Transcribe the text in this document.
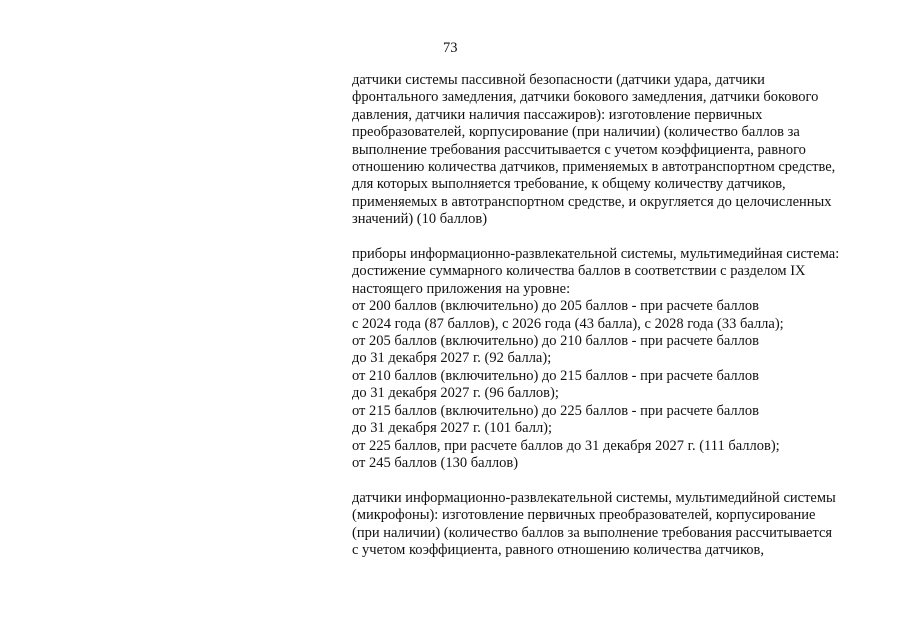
73

датчики системы пассивной безопасности (датчики удара, датчики
фронтального замедления, датчики бокового замедления, датчики бокового
давления, датчики наличия пассажиров): изготовление первичных
преобразователей, корпусирование (при наличии) (количество баллов за
выполнение требования рассчитывается с учетом коэффициента, равного
отношению количества датчиков, применяемых в автотранспортном средстве,
для которых выполняется требование, к общему количеству датчиков,
применяемых в автотранспортном средстве, и округляется до целочисленных
значений) (10 баллов)

приборы информационно-развлекательной системы, мультимедийная система:
достижение суммарного количества баллов в соответствии с разделом IX
настоящего приложения на уровне:
от 200 баллов (включительно) до 205 баллов - при расчете баллов
с 2024 года (87 баллов), с 2026 года (43 балла), с 2028 года (33 балла);
от 205 баллов (включительно) до 210 баллов - при расчете баллов
до 31 декабря 2027 г. (92 балла);
от 210 баллов (включительно) до 215 баллов - при расчете баллов
до 31 декабря 2027 г. (96 баллов);
от 215 баллов (включительно) до 225 баллов - при расчете баллов
до 31 декабря 2027 г. (101 балл);
от 225 баллов, при расчете баллов до 31 декабря 2027 г. (111 баллов);
от 245 баллов (130 баллов)

датчики информационно-развлекательной системы, мультимедийной системы
(микрофоны): изготовление первичных преобразователей, корпусирование
(при наличии) (количество баллов за выполнение требования рассчитывается
с учетом коэффициента, равного отношению количества датчиков,
